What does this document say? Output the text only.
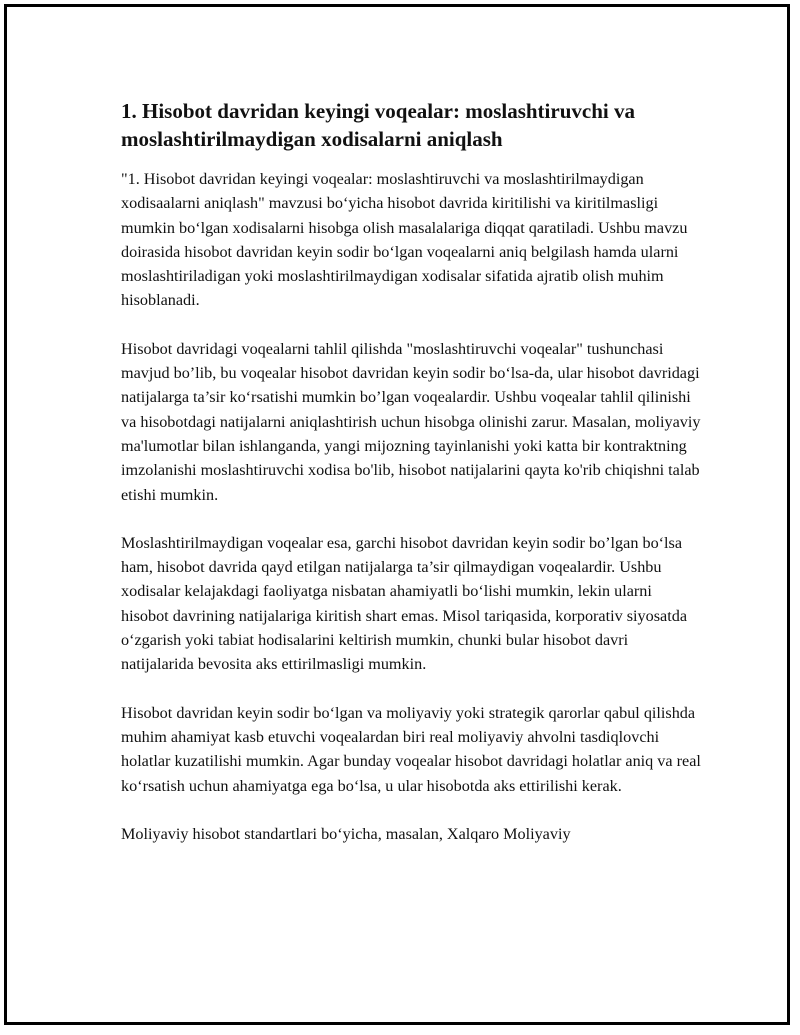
1. Hisobot davridan keyingi voqealar: moslashtiruvchi va moslashtirilmaydigan xodisalarni aniqlash

"1. Hisobot davridan keyingi voqealar: moslashtiruvchi va moslashtirilmaydigan xodisaalarni aniqlash" mavzusi bo‘yicha hisobot davrida kiritilishi va kiritilmasligi mumkin bo‘lgan xodisalarni hisobga olish masalalariga diqqat qaratiladi. Ushbu mavzu doirasida hisobot davridan keyin sodir bo‘lgan voqealarni aniq belgilash hamda ularni moslashtiriladigan yoki moslashtirilmaydigan xodisalar sifatida ajratib olish muhim hisoblanadi.

Hisobot davridagi voqealarni tahlil qilishda "moslashtiruvchi voqealar" tushunchasi mavjud bo’lib, bu voqealar hisobot davridan keyin sodir bo‘lsa-da, ular hisobot davridagi natijalarga ta’sir ko‘rsatishi mumkin bo’lgan voqealardir. Ushbu voqealar tahlil qilinishi va hisobotdagi natijalarni aniqlashtirish uchun hisobga olinishi zarur. Masalan, moliyaviy ma'lumotlar bilan ishlanganda, yangi mijozning tayinlanishi yoki katta bir kontraktning imzolanishi moslashtiruvchi xodisa bo'lib, hisobot natijalarini qayta ko'rib chiqishni talab etishi mumkin.

Moslashtirilmaydigan voqealar esa, garchi hisobot davridan keyin sodir bo’lgan bo‘lsa ham, hisobot davrida qayd etilgan natijalarga ta’sir qilmaydigan voqealardir. Ushbu xodisalar kelajakdagi faoliyatga nisbatan ahamiyatli bo‘lishi mumkin, lekin ularni hisobot davrining natijalariga kiritish shart emas. Misol tariqasida, korporativ siyosatda o‘zgarish yoki tabiat hodisalarini keltirish mumkin, chunki bular hisobot davri natijalarida bevosita aks ettirilmasligi mumkin.

Hisobot davridan keyin sodir bo‘lgan va moliyaviy yoki strategik qarorlar qabul qilishda muhim ahamiyat kasb etuvchi voqealardan biri real moliyaviy ahvolni tasdiqlovchi holatlar kuzatilishi mumkin. Agar bunday voqealar hisobot davridagi holatlar aniq va real ko‘rsatish uchun ahamiyatga ega bo‘lsa, u ular hisobotda aks ettirilishi kerak.

Moliyaviy hisobot standartlari bo‘yicha, masalan, Xalqaro Moliyaviy
